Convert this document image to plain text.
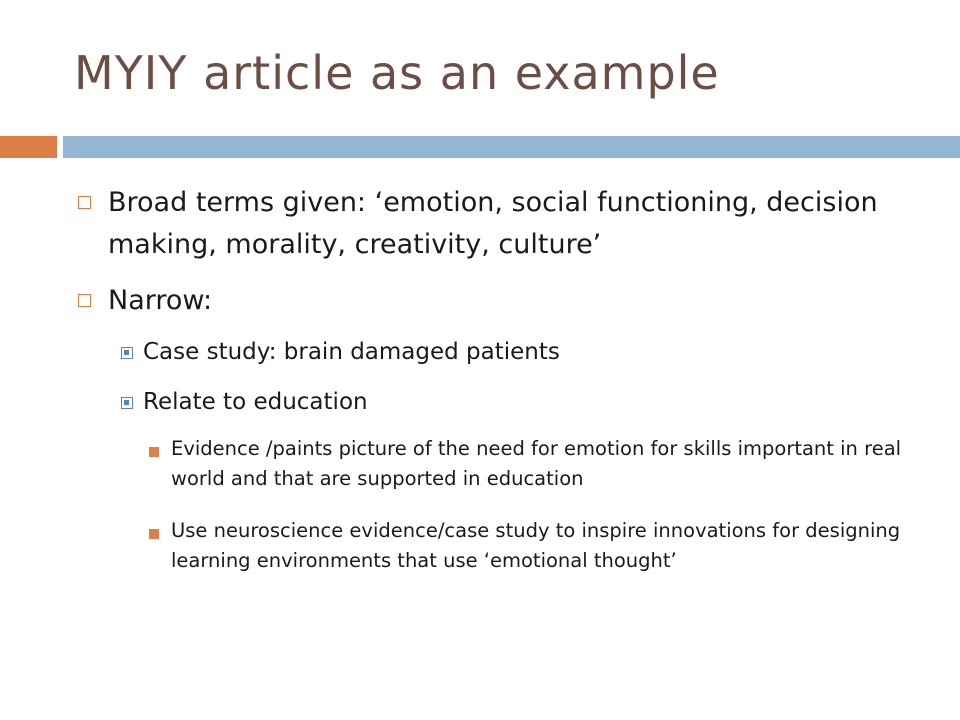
MYIY article as an example
Broad terms given: ‘emotion, social functioning, decision making, morality, creativity, culture’
Narrow:
Case study: brain damaged patients
Relate to education
Evidence /paints picture of the need for emotion for skills important in real world and that are supported in education
Use neuroscience evidence/case study to inspire innovations for designing learning environments that use ‘emotional thought’
